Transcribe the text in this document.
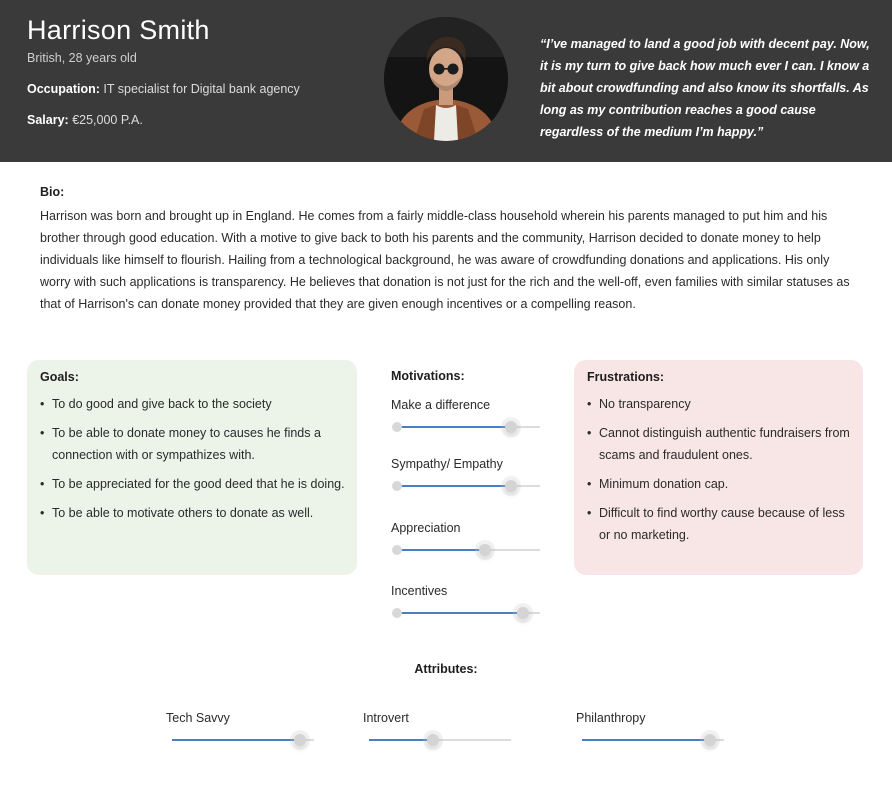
Harrison Smith
British, 28 years old
Occupation: IT specialist for Digital bank agency
Salary: €25,000 P.A.
“I’ve managed to land a good job with decent pay. Now, it is my turn to give back how much ever I can. I know a bit about crowdfunding and also know its shortfalls. As long as my contribution reaches a good cause regardless of the medium I’m happy.”
Bio:
Harrison was born and brought up in England. He comes from a fairly middle-class household wherein his parents managed to put him and his brother through good education. With a motive to give back to both his parents and the community, Harrison decided to donate money to help individuals like himself to flourish. Hailing from a technological background, he was aware of crowdfunding donations and applications. His only worry with such applications is transparency. He believes that donation is not just for the rich and the well-off, even families with similar statuses as that of Harrison's can donate money provided that they are given enough incentives or a compelling reason.
Goals:
• To do good and give back to the society
• To be able to donate money to causes he finds a connection with or sympathizes with.
• To be appreciated for the good deed that he is doing.
• To be able to motivate others to donate as well.
Motivations:
Make a difference
Sympathy/ Empathy
Appreciation
Incentives
Frustrations:
• No transparency
• Cannot distinguish authentic fundraisers from scams and fraudulent ones.
• Minimum donation cap.
• Difficult to find worthy cause because of less or no marketing.
Attributes:
Tech Savvy	Introvert	Philanthropy
